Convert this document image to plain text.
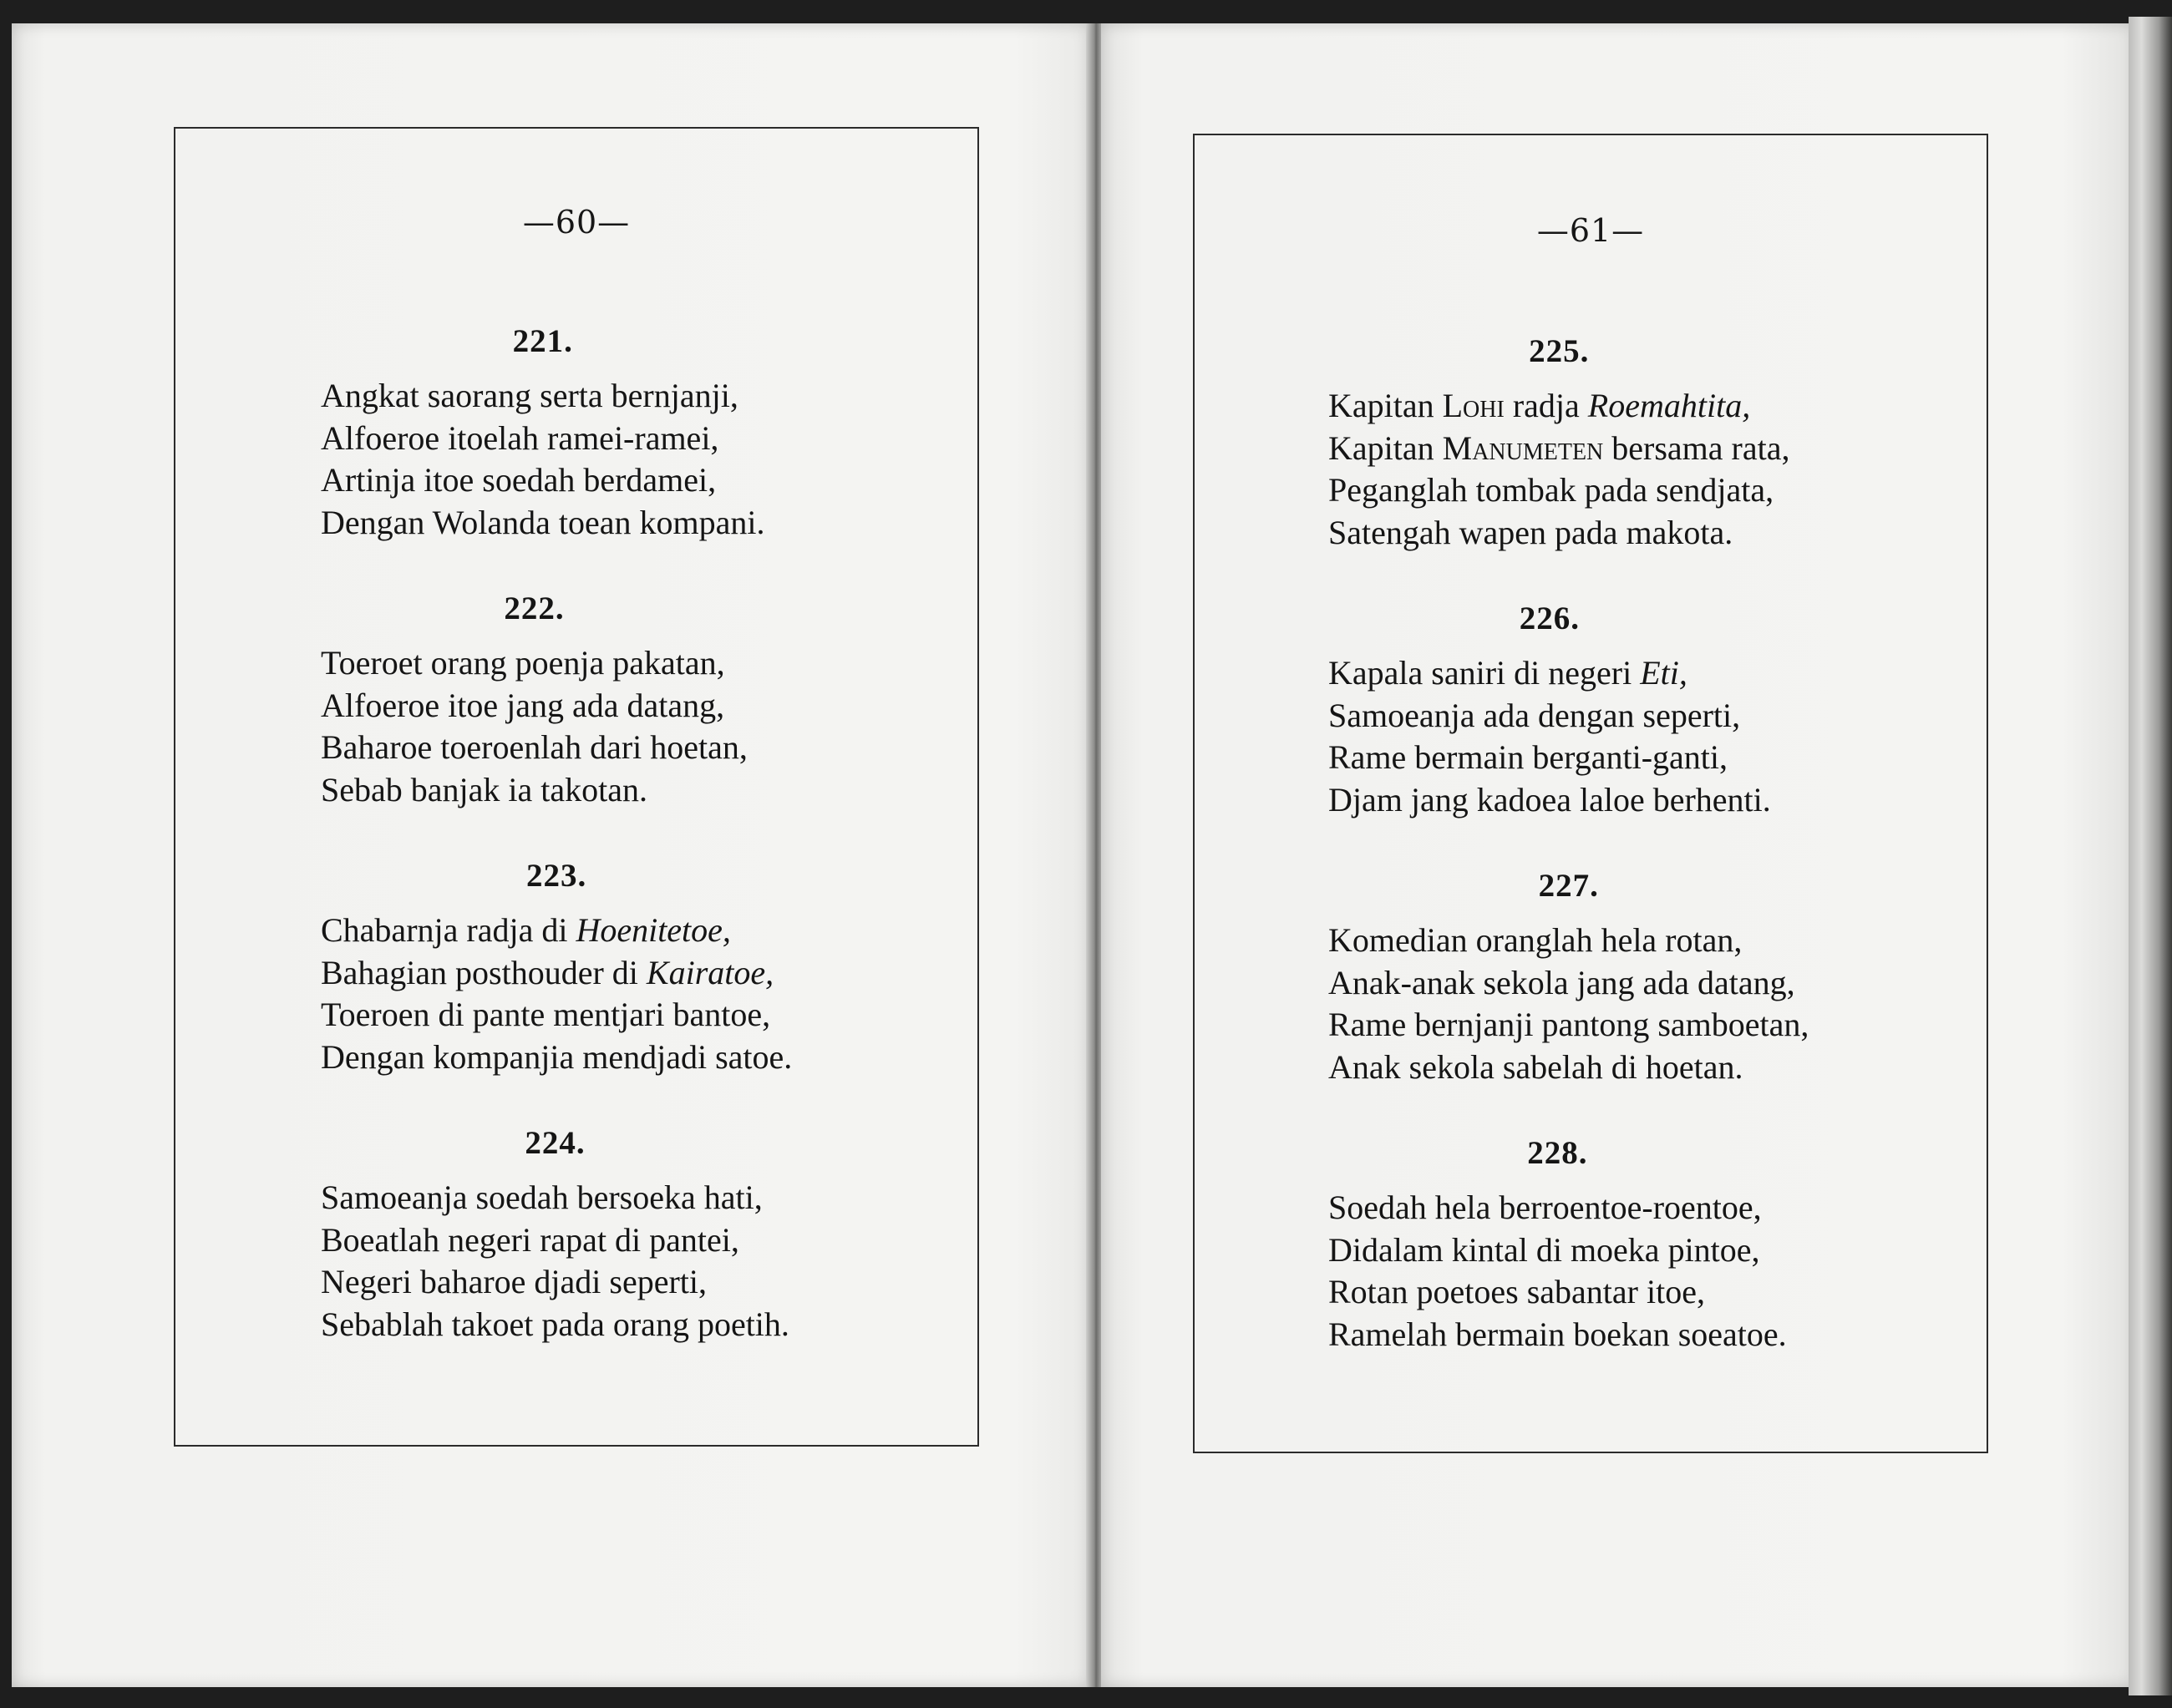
—60—
221.
Angkat saorang serta bernjanji,
Alfoeroe itoelah ramei-ramei,
Artinja itoe soedah berdamei,
Dengan Wolanda toean kompani.
222.
Toeroet orang poenja pakatan,
Alfoeroe itoe jang ada datang,
Baharoe toeroenlah dari hoetan,
Sebab banjak ia takotan.
223.
Chabarnja radja di Hoenitetoe,
Bahagian posthouder di Kairatoe,
Toeroen di pante mentjari bantoe,
Dengan kompanjia mendjadi satoe.
224.
Samoeanja soedah bersoeka hati,
Boeatlah negeri rapat di pantei,
Negeri baharoe djadi seperti,
Sebablah takoet pada orang poetih.
—61—
225.
Kapitan Lohi radja Roemahtita,
Kapitan Manumeten bersama rata,
Peganglah tombak pada sendjata,
Satengah wapen pada makota.
226.
Kapala saniri di negeri Eti,
Samoeanja ada dengan seperti,
Rame bermain berganti-ganti,
Djam jang kadoea laloe berhenti.
227.
Komedian oranglah hela rotan,
Anak-anak sekola jang ada datang,
Rame bernjanji pantong samboetan,
Anak sekola sabelah di hoetan.
228.
Soedah hela berroentoe-roentoe,
Didalam kintal di moeka pintoe,
Rotan poetoes sabantar itoe,
Ramelah bermain boekan soeatoe.
